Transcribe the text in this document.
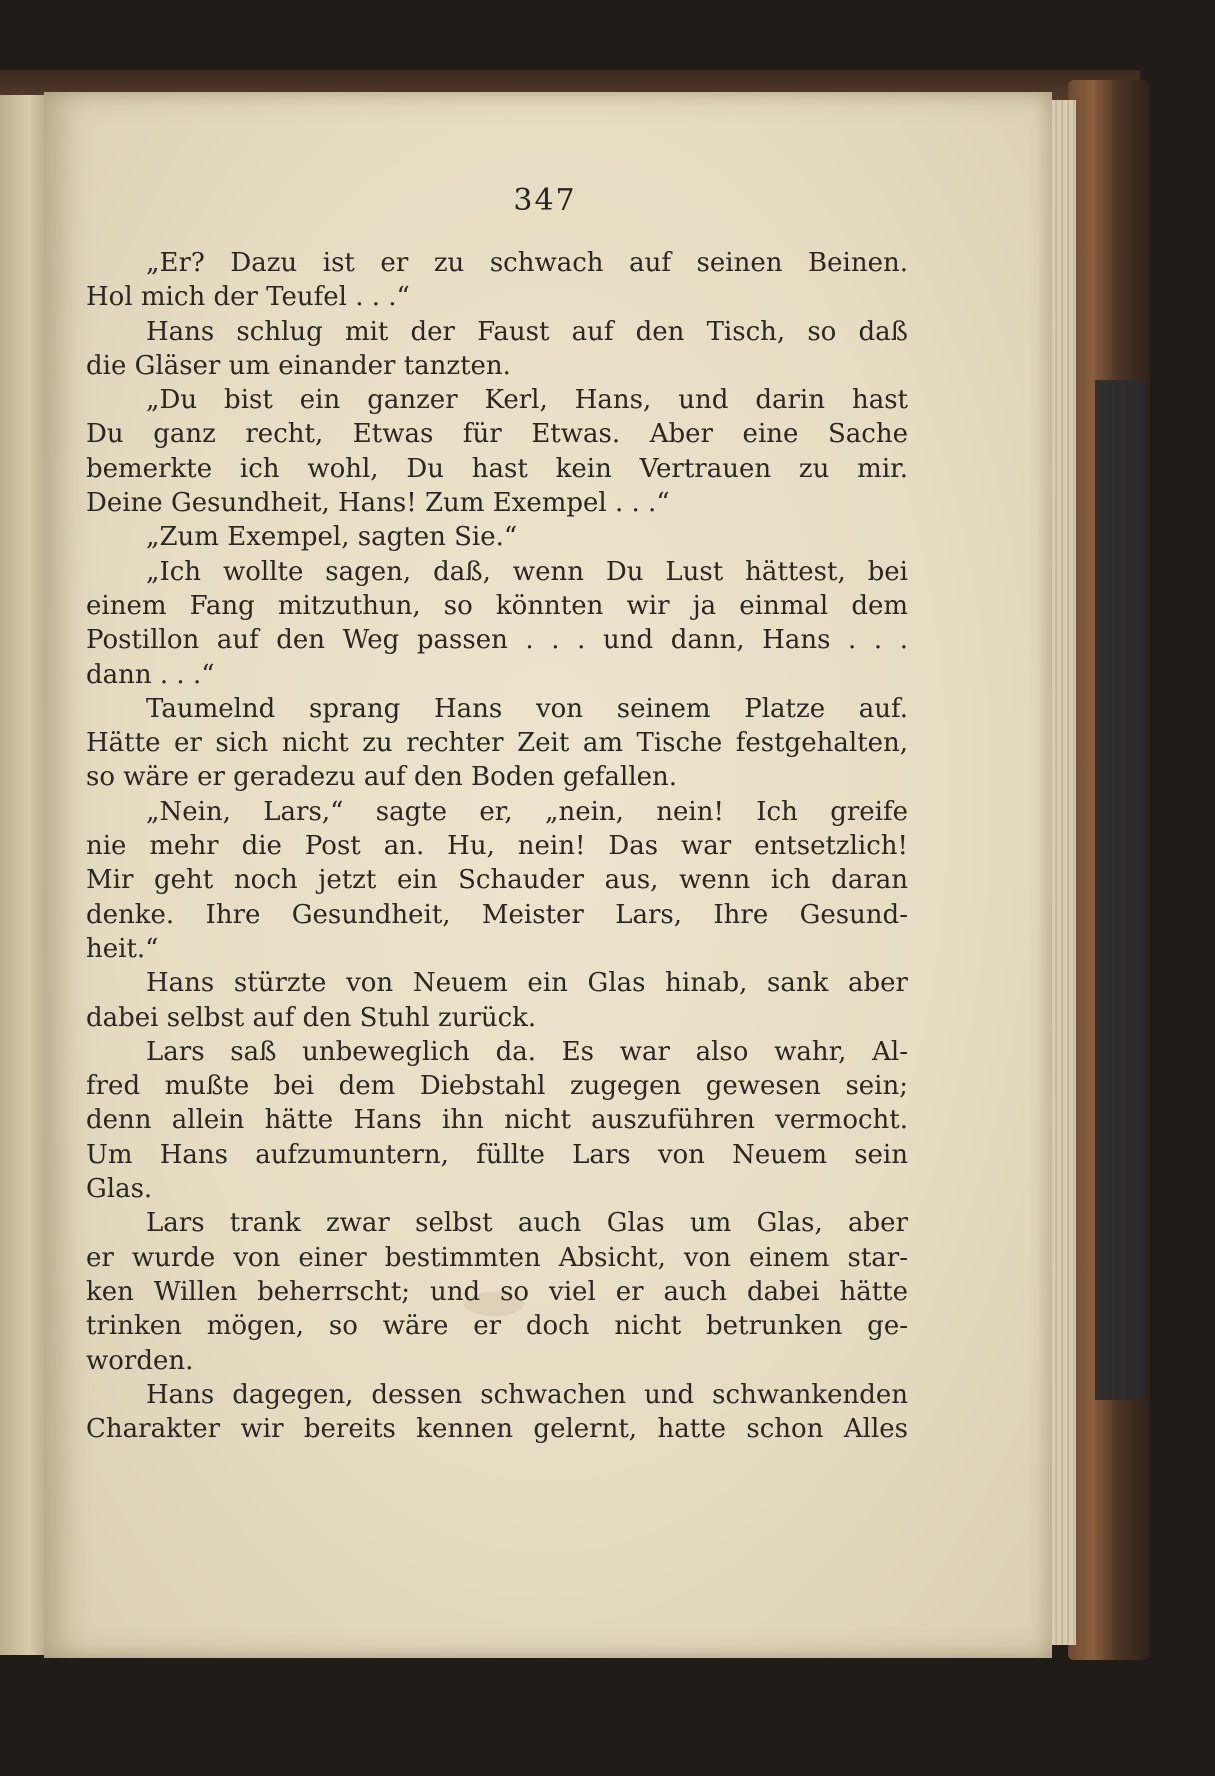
347
„Er? Dazu ist er zu schwach auf seinen Beinen.
Hol mich der Teufel . . .“
Hans schlug mit der Faust auf den Tisch, so daß
die Gläser um einander tanzten.
„Du bist ein ganzer Kerl, Hans, und darin hast
Du ganz recht, Etwas für Etwas. Aber eine Sache
bemerkte ich wohl, Du hast kein Vertrauen zu mir.
Deine Gesundheit, Hans! Zum Exempel . . .“
„Zum Exempel, sagten Sie.“
„Ich wollte sagen, daß, wenn Du Lust hättest, bei
einem Fang mitzuthun, so könnten wir ja einmal dem
Postillon auf den Weg passen . . . und dann, Hans . . .
dann . . .“
Taumelnd sprang Hans von seinem Platze auf.
Hätte er sich nicht zu rechter Zeit am Tische festgehalten,
so wäre er geradezu auf den Boden gefallen.
„Nein, Lars,“ sagte er, „nein, nein! Ich greife
nie mehr die Post an. Hu, nein! Das war entsetzlich!
Mir geht noch jetzt ein Schauder aus, wenn ich daran
denke. Ihre Gesundheit, Meister Lars, Ihre Gesund-
heit.“
Hans stürzte von Neuem ein Glas hinab, sank aber
dabei selbst auf den Stuhl zurück.
Lars saß unbeweglich da. Es war also wahr, Al-
fred mußte bei dem Diebstahl zugegen gewesen sein;
denn allein hätte Hans ihn nicht auszuführen vermocht.
Um Hans aufzumuntern, füllte Lars von Neuem sein
Glas.
Lars trank zwar selbst auch Glas um Glas, aber
er wurde von einer bestimmten Absicht, von einem star-
ken Willen beherrscht; und so viel er auch dabei hätte
trinken mögen, so wäre er doch nicht betrunken ge-
worden.
Hans dagegen, dessen schwachen und schwankenden
Charakter wir bereits kennen gelernt, hatte schon Alles
